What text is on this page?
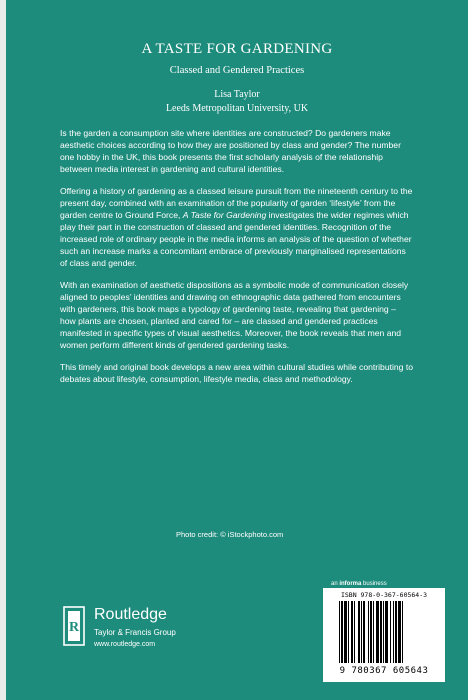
A TASTE FOR GARDENING
Classed and Gendered Practices
Lisa Taylor
Leeds Metropolitan University, UK

Is the garden a consumption site where identities are constructed? Do gardeners make aesthetic choices according to how they are positioned by class and gender? The number one hobby in the UK, this book presents the first scholarly analysis of the relationship between media interest in gardening and cultural identities.

Offering a history of gardening as a classed leisure pursuit from the nineteenth century to the present day, combined with an examination of the popularity of garden ‘lifestyle’ from the garden centre to Ground Force, A Taste for Gardening investigates the wider regimes which play their part in the construction of classed and gendered identities. Recognition of the increased role of ordinary people in the media informs an analysis of the question of whether such an increase marks a concomitant embrace of previously marginalised representations of class and gender.

With an examination of aesthetic dispositions as a symbolic mode of communication closely aligned to peoples’ identities and drawing on ethnographic data gathered from encounters with gardeners, this book maps a typology of gardening taste, revealing that gardening – how plants are chosen, planted and cared for – are classed and gendered practices manifested in specific types of visual aesthetics. Moreover, the book reveals that men and women perform different kinds of gendered gardening tasks.

This timely and original book develops a new area within cultural studies while contributing to debates about lifestyle, consumption, lifestyle media, class and methodology.

Photo credit: © iStockphoto.com
an informa business
ISBN 978-0-367-60564-3
9 780367 605643
R
Routledge
Taylor & Francis Group
www.routledge.com
